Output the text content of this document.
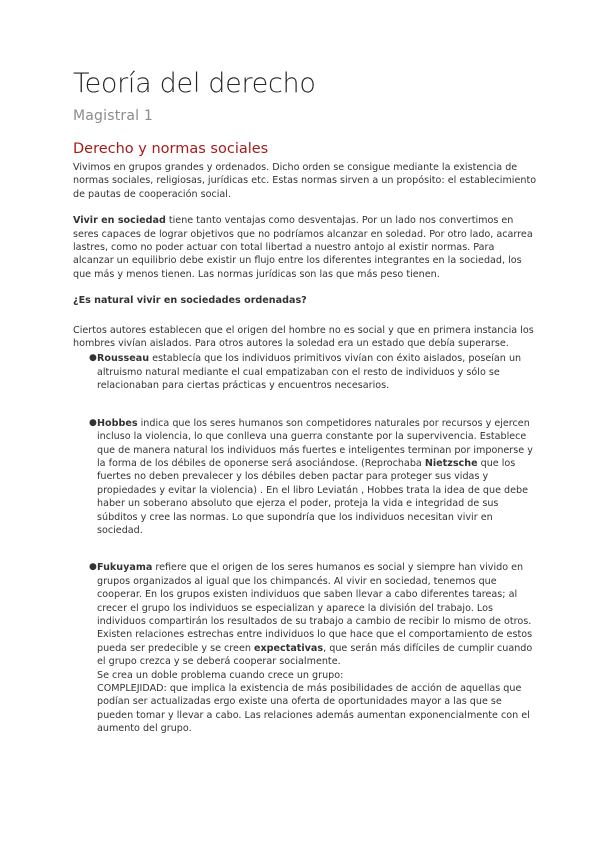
Teoría del derecho
Magistral 1
Derecho y normas sociales

Vivimos en grupos grandes y ordenados. Dicho orden se consigue mediante la existencia de normas sociales, religiosas, jurídicas etc. Estas normas sirven a un propósito: el establecimiento de pautas de cooperación social.

Vivir en sociedad tiene tanto ventajas como desventajas. Por un lado nos convertimos en seres capaces de lograr objetivos que no podríamos alcanzar en soledad. Por otro lado, acarrea lastres, como no poder actuar con total libertad a nuestro antojo al existir normas. Para alcanzar un equilibrio debe existir un flujo entre los diferentes integrantes en la sociedad, los que más y menos tienen. Las normas jurídicas son las que más peso tienen.

¿Es natural vivir en sociedades ordenadas?

Ciertos autores establecen que el origen del hombre no es social y que en primera instancia los hombres vivían aislados. Para otros autores la soledad era un estado que debía superarse.

● Rousseau establecía que los individuos primitivos vivían con éxito aislados, poseían un altruismo natural mediante el cual empatizaban con el resto de individuos y sólo se relacionaban para ciertas prácticas y encuentros necesarios.
● Hobbes indica que los seres humanos son competidores naturales por recursos y ejercen incluso la violencia, lo que conlleva una guerra constante por la supervivencia. Establece que de manera natural los individuos más fuertes e inteligentes terminan por imponerse y la forma de los débiles de oponerse será asociándose. (Reprochaba Nietzsche que los fuertes no deben prevalecer y los débiles deben pactar para proteger sus vidas y propiedades y evitar la violencia) . En el libro Leviatán , Hobbes trata la idea de que debe haber un soberano absoluto que ejerza el poder, proteja la vida e integridad de sus súbditos y cree las normas. Lo que supondría que los individuos necesitan vivir en sociedad.
● Fukuyama refiere que el origen de los seres humanos es social y siempre han vivido en grupos organizados al igual que los chimpancés. Al vivir en sociedad, tenemos que cooperar. En los grupos existen individuos que saben llevar a cabo diferentes tareas; al crecer el grupo los individuos se especializan y aparece la división del trabajo. Los individuos compartirán los resultados de su trabajo a cambio de recibir lo mismo de otros. Existen relaciones estrechas entre individuos lo que hace que el comportamiento de estos pueda ser predecible y se creen expectativas, que serán más difíciles de cumplir cuando el grupo crezca y se deberá cooperar socialmente.
Se crea un doble problema cuando crece un grupo:
COMPLEJIDAD: que implica la existencia de más posibilidades de acción de aquellas que podían ser actualizadas ergo existe una oferta de oportunidades mayor a las que se pueden tomar y llevar a cabo. Las relaciones además aumentan exponencialmente con el aumento del grupo.
